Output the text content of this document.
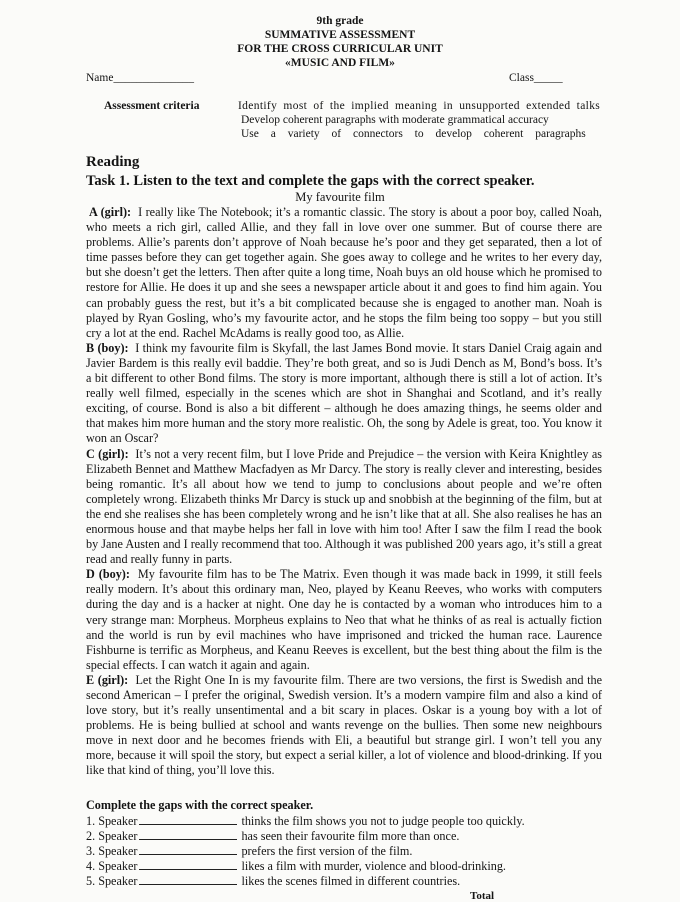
9th grade
SUMMATIVE ASSESSMENT
FOR THE CROSS CURRICULAR UNIT
«MUSIC AND FILM»
Name______________	Class_____
Assessment criteria	Identify most of the implied meaning in unsupported extended talks
Develop coherent paragraphs with moderate grammatical accuracy
Use a variety of connectors to develop coherent paragraphs
Reading
Task 1. Listen to the text and complete the gaps with the correct speaker.
My favourite film

A (girl): I really like The Notebook; it’s a romantic classic. The story is about a poor boy, called Noah, who meets a rich girl, called Allie, and they fall in love over one summer. But of course there are problems. Allie’s parents don’t approve of Noah because he’s poor and they get separated, then a lot of time passes before they can get together again. She goes away to college and he writes to her every day, but she doesn’t get the letters. Then after quite a long time, Noah buys an old house which he promised to restore for Allie. He does it up and she sees a newspaper article about it and goes to find him again. You can probably guess the rest, but it’s a bit complicated because she is engaged to another man. Noah is played by Ryan Gosling, who’s my favourite actor, and he stops the film being too soppy – but you still cry a lot at the end. Rachel McAdams is really good too, as Allie.

B (boy): I think my favourite film is Skyfall, the last James Bond movie. It stars Daniel Craig again and Javier Bardem is this really evil baddie. They’re both great, and so is Judi Dench as M, Bond’s boss. It’s a bit different to other Bond films. The story is more important, although there is still a lot of action. It’s really well filmed, especially in the scenes which are shot in Shanghai and Scotland, and it’s really exciting, of course. Bond is also a bit different – although he does amazing things, he seems older and that makes him more human and the story more realistic. Oh, the song by Adele is great, too. You know it won an Oscar?

C (girl): It’s not a very recent film, but I love Pride and Prejudice – the version with Keira Knightley as Elizabeth Bennet and Matthew Macfadyen as Mr Darcy. The story is really clever and interesting, besides being romantic. It’s all about how we tend to jump to conclusions about people and we’re often completely wrong. Elizabeth thinks Mr Darcy is stuck up and snobbish at the beginning of the film, but at the end she realises she has been completely wrong and he isn’t like that at all. She also realises he has an enormous house and that maybe helps her fall in love with him too! After I saw the film I read the book by Jane Austen and I really recommend that too. Although it was published 200 years ago, it’s still a great read and really funny in parts.

D (boy): My favourite film has to be The Matrix. Even though it was made back in 1999, it still feels really modern. It’s about this ordinary man, Neo, played by Keanu Reeves, who works with computers during the day and is a hacker at night. One day he is contacted by a woman who introduces him to a very strange man: Morpheus. Morpheus explains to Neo that what he thinks of as real is actually fiction and the world is run by evil machines who have imprisoned and tricked the human race. Laurence Fishburne is terrific as Morpheus, and Keanu Reeves is excellent, but the best thing about the film is the special effects. I can watch it again and again.

E (girl): Let the Right One In is my favourite film. There are two versions, the first is Swedish and the second American – I prefer the original, Swedish version. It’s a modern vampire film and also a kind of love story, but it’s really unsentimental and a bit scary in places. Oskar is a young boy with a lot of problems. He is being bullied at school and wants revenge on the bullies. Then some new neighbours move in next door and he becomes friends with Eli, a beautiful but strange girl. I won’t tell you any more, because it will spoil the story, but expect a serial killer, a lot of violence and blood-drinking. If you like that kind of thing, you’ll love this.

Complete the gaps with the correct speaker.
1. Speaker	thinks the film shows you not to judge people too quickly.
2. Speaker	has seen their favourite film more than once.
3. Speaker	prefers the first version of the film.
4. Speaker	likes a film with murder, violence and blood-drinking.
5. Speaker	likes the scenes filmed in different countries.
Total
